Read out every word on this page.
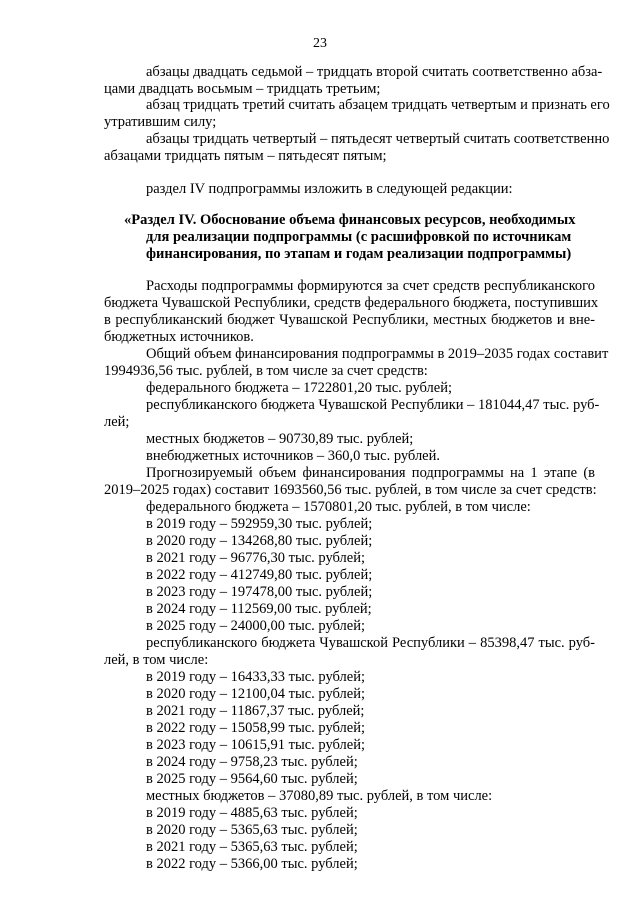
23
абзацы двадцать седьмой – тридцать второй считать соответственно абза-
цами двадцать восьмым – тридцать третьим;
абзац тридцать третий считать абзацем тридцать четвертым и признать его
утратившим силу;
абзацы тридцать четвертый – пятьдесят четвертый считать соответственно
абзацами тридцать пятым – пятьдесят пятым;
раздел IV подпрограммы изложить в следующей редакции:
«Раздел IV. Обоснование объема финансовых ресурсов, необходимых
для реализации подпрограммы (с расшифровкой по источникам
финансирования, по этапам и годам реализации подпрограммы)
Расходы подпрограммы формируются за счет средств республиканского
бюджета Чувашской Республики, средств федерального бюджета, поступивших
в республиканский бюджет Чувашской Республики, местных бюджетов и вне-
бюджетных источников.
Общий объем финансирования подпрограммы в 2019–2035 годах составит
1994936,56 тыс. рублей, в том числе за счет средств:
федерального бюджета – 1722801,20 тыс. рублей;
республиканского бюджета Чувашской Республики – 181044,47 тыс. руб-
лей;
местных бюджетов – 90730,89 тыс. рублей;
внебюджетных источников – 360,0 тыс. рублей.
Прогнозируемый объем финансирования подпрограммы на 1 этапе (в
2019–2025 годах) составит 1693560,56 тыс. рублей, в том числе за счет средств:
федерального бюджета – 1570801,20 тыс. рублей, в том числе:
в 2019 году – 592959,30 тыс. рублей;
в 2020 году – 134268,80 тыс. рублей;
в 2021 году – 96776,30 тыс. рублей;
в 2022 году – 412749,80 тыс. рублей;
в 2023 году – 197478,00 тыс. рублей;
в 2024 году – 112569,00 тыс. рублей;
в 2025 году – 24000,00 тыс. рублей;
республиканского бюджета Чувашской Республики – 85398,47 тыс. руб-
лей, в том числе:
в 2019 году – 16433,33 тыс. рублей;
в 2020 году – 12100,04 тыс. рублей;
в 2021 году – 11867,37 тыс. рублей;
в 2022 году – 15058,99 тыс. рублей;
в 2023 году – 10615,91 тыс. рублей;
в 2024 году – 9758,23 тыс. рублей;
в 2025 году – 9564,60 тыс. рублей;
местных бюджетов – 37080,89 тыс. рублей, в том числе:
в 2019 году – 4885,63 тыс. рублей;
в 2020 году – 5365,63 тыс. рублей;
в 2021 году – 5365,63 тыс. рублей;
в 2022 году – 5366,00 тыс. рублей;
